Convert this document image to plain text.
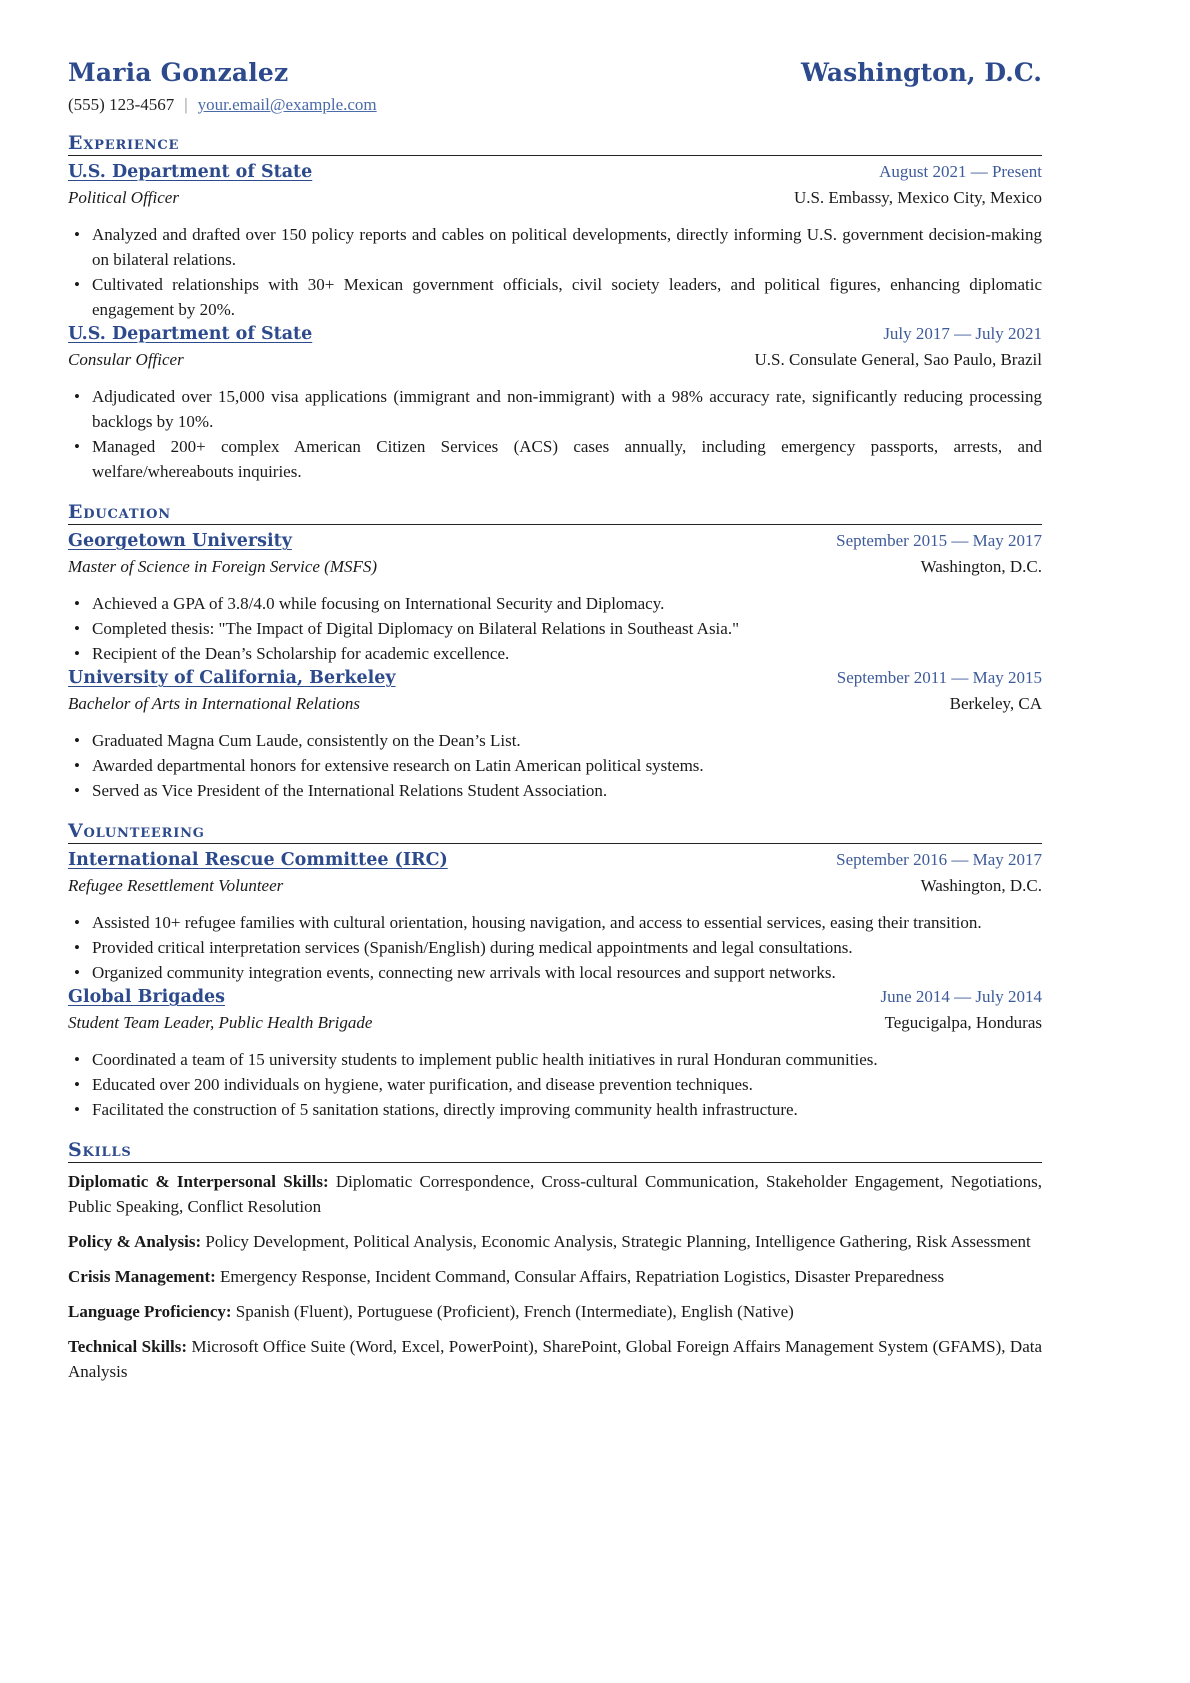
Maria Gonzalez	Washington, D.C.
(555) 123-4567 | your.email@example.com
Experience
U.S. Department of State	August 2021 — Present
Political Officer	U.S. Embassy, Mexico City, Mexico
• Analyzed and drafted over 150 policy reports and cables on political developments, directly informing U.S. government decision-making on bilateral relations.
• Cultivated relationships with 30+ Mexican government officials, civil society leaders, and political figures, enhancing diplomatic engagement by 20%.
U.S. Department of State	July 2017 — July 2021
Consular Officer	U.S. Consulate General, Sao Paulo, Brazil
• Adjudicated over 15,000 visa applications (immigrant and non-immigrant) with a 98% accuracy rate, significantly reducing processing backlogs by 10%.
• Managed 200+ complex American Citizen Services (ACS) cases annually, including emergency passports, arrests, and welfare/whereabouts inquiries.
Education
Georgetown University	September 2015 — May 2017
Master of Science in Foreign Service (MSFS)	Washington, D.C.
• Achieved a GPA of 3.8/4.0 while focusing on International Security and Diplomacy.
• Completed thesis: "The Impact of Digital Diplomacy on Bilateral Relations in Southeast Asia."
• Recipient of the Dean’s Scholarship for academic excellence.
University of California, Berkeley	September 2011 — May 2015
Bachelor of Arts in International Relations	Berkeley, CA
• Graduated Magna Cum Laude, consistently on the Dean’s List.
• Awarded departmental honors for extensive research on Latin American political systems.
• Served as Vice President of the International Relations Student Association.
Volunteering
International Rescue Committee (IRC)	September 2016 — May 2017
Refugee Resettlement Volunteer	Washington, D.C.
• Assisted 10+ refugee families with cultural orientation, housing navigation, and access to essential services, easing their transition.
• Provided critical interpretation services (Spanish/English) during medical appointments and legal consultations.
• Organized community integration events, connecting new arrivals with local resources and support networks.
Global Brigades	June 2014 — July 2014
Student Team Leader, Public Health Brigade	Tegucigalpa, Honduras
• Coordinated a team of 15 university students to implement public health initiatives in rural Honduran communities.
• Educated over 200 individuals on hygiene, water purification, and disease prevention techniques.
• Facilitated the construction of 5 sanitation stations, directly improving community health infrastructure.
Skills
Diplomatic & Interpersonal Skills: Diplomatic Correspondence, Cross-cultural Communication, Stakeholder Engagement, Negotiations, Public Speaking, Conflict Resolution
Policy & Analysis: Policy Development, Political Analysis, Economic Analysis, Strategic Planning, Intelligence Gathering, Risk Assessment
Crisis Management: Emergency Response, Incident Command, Consular Affairs, Repatriation Logistics, Disaster Preparedness
Language Proficiency: Spanish (Fluent), Portuguese (Proficient), French (Intermediate), English (Native)
Technical Skills: Microsoft Office Suite (Word, Excel, PowerPoint), SharePoint, Global Foreign Affairs Management System (GFAMS), Data Analysis
